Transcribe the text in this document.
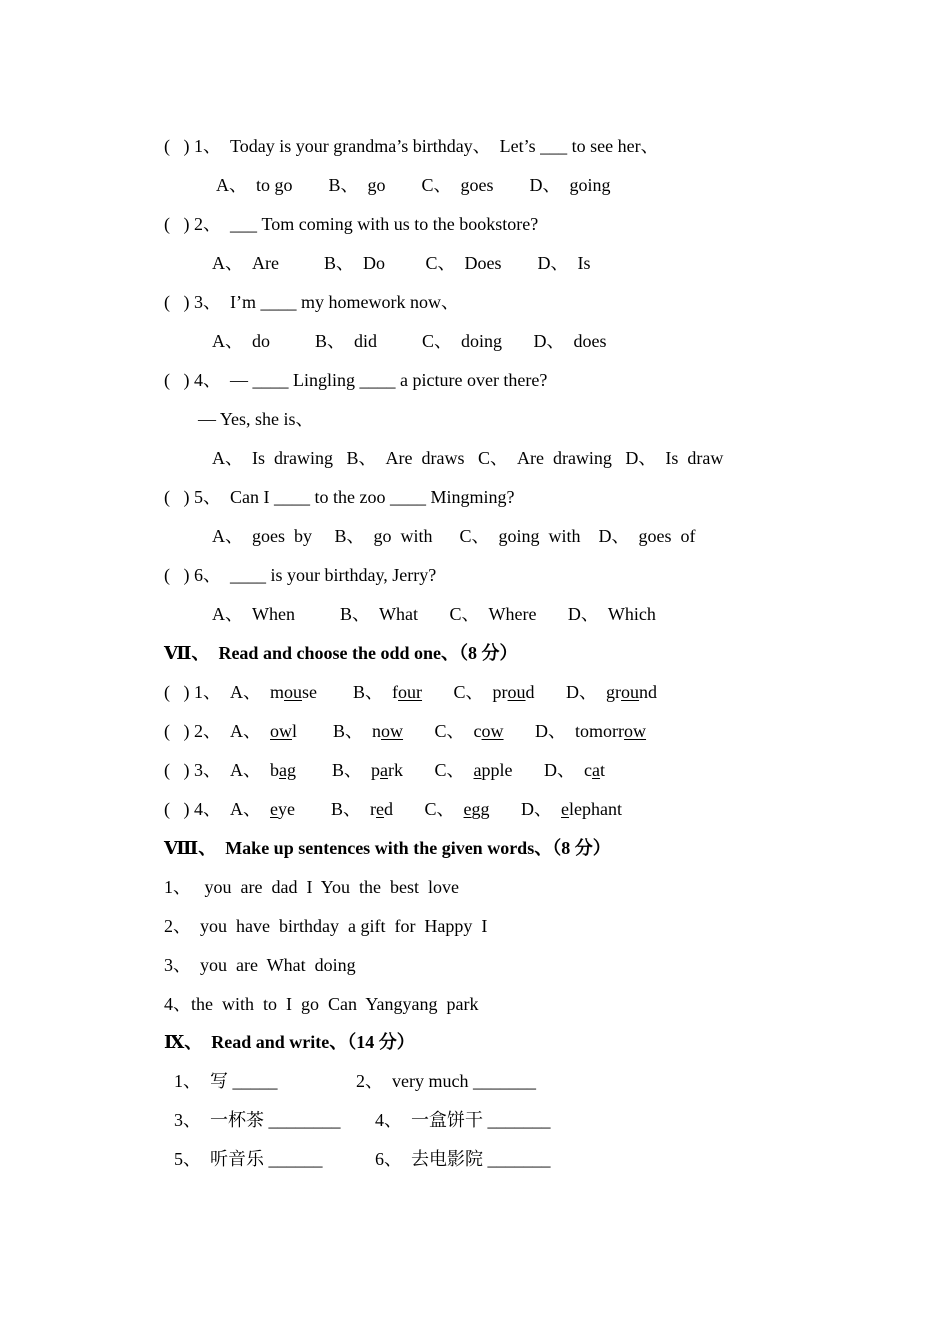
(   ) 1、  Today is your grandma’s birthday、  Let’s ___ to see her、
A、  to go        B、  go        C、  goes        D、  going
(   ) 2、  ___ Tom coming with us to the bookstore?
A、  Are          B、  Do         C、  Does        D、  Is
(   ) 3、  I’m ____ my homework now、
A、  do          B、  did          C、  doing       D、  does
(   ) 4、  — ____ Lingling ____ a picture over there?
— Yes, she is、
A、  Is  drawing   B、  Are  draws   C、  Are  drawing   D、  Is  draw
(   ) 5、  Can I ____ to the zoo ____ Mingming?
A、  goes  by     B、  go  with      C、  going  with    D、  goes  of
(   ) 6、  ____ is your birthday, Jerry?
A、  When          B、  What       C、  Where       D、  Which
Ⅶ、  Read and choose the odd one、（8 分）
(   ) 1、  A、  mouse        B、  four       C、  proud       D、  ground
(   ) 2、  A、  owl        B、  now       C、  cow       D、  tomorrow
(   ) 3、  A、  bag        B、  park       C、  apple       D、  cat
(   ) 4、  A、  eye        B、  red       C、  egg       D、  elephant
Ⅷ、  Make up sentences with the given words、（8 分）
1、   you  are  dad  I  You  the  best  love
2、  you  have  birthday  a gift  for  Happy  I
3、  you  are  What  doing
4、the  with  to  I  go  Can  Yangyang  park
Ⅸ、  Read and write、（14 分）
1、  写 _____	2、  very much _______
3、  一杯茶 ________ 4、  一盒饼干 _______
5、  听音乐 ______	6、  去电影院 _______
